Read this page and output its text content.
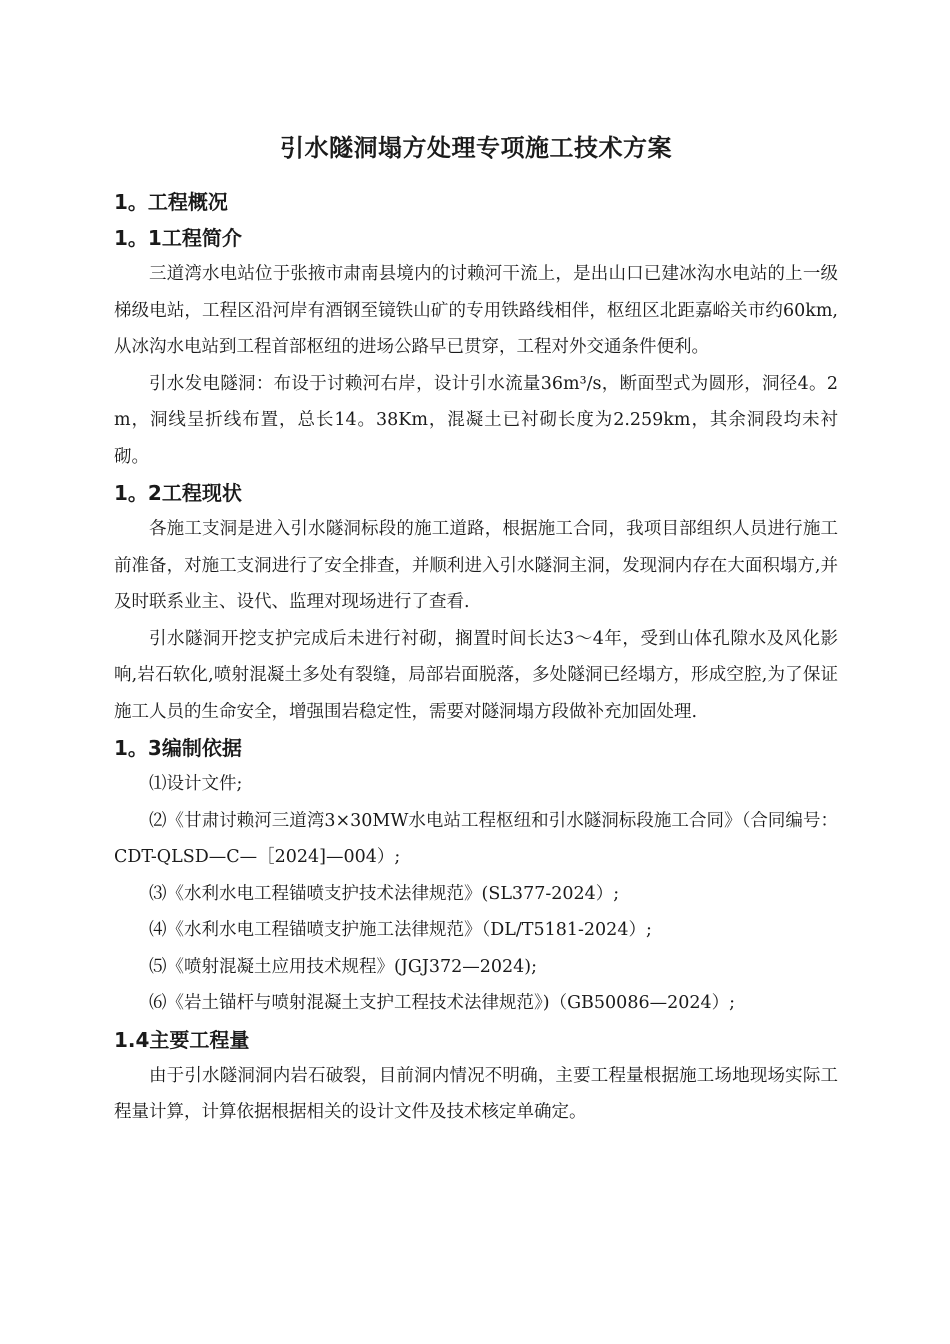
引水隧洞塌方处理专项施工技术方案
1。工程概况
1。1工程简介

三道湾水电站位于张掖市肃南县境内的讨赖河干流上，是出山口已建冰沟水电站的上一级梯级电站，工程区沿河岸有酒钢至镜铁山矿的专用铁路线相伴，枢纽区北距嘉峪关市约60km,从冰沟水电站到工程首部枢纽的进场公路早已贯穿，工程对外交通条件便利。

引水发电隧洞：布设于讨赖河右岸，设计引水流量36m³/s，断面型式为圆形，洞径4。2m，洞线呈折线布置，总长14。38Km，混凝土已衬砌长度为2.259km，其余洞段均未衬砌。

1。2工程现状

各施工支洞是进入引水隧洞标段的施工道路，根据施工合同，我项目部组织人员进行施工前准备，对施工支洞进行了安全排查，并顺利进入引水隧洞主洞，发现洞内存在大面积塌方,并及时联系业主、设代、监理对现场进行了查看.

引水隧洞开挖支护完成后未进行衬砌，搁置时间长达3～4年，受到山体孔隙水及风化影响,岩石软化,喷射混凝土多处有裂缝，局部岩面脱落，多处隧洞已经塌方，形成空腔,为了保证施工人员的生命安全，增强围岩稳定性，需要对隧洞塌方段做补充加固处理.

1。3编制依据

⑴设计文件;

⑵《甘肃讨赖河三道湾3×30MW水电站工程枢纽和引水隧洞标段施工合同》（合同编号：CDT-QLSD—C—［2024]—004）;

⑶《水利水电工程锚喷支护技术法律规范》(SL377-2024）;

⑷《水利水电工程锚喷支护施工法律规范》（DL/T5181-2024）;

⑸《喷射混凝土应用技术规程》(JGJ372—2024);

⑹《岩土锚杆与喷射混凝土支护工程技术法律规范》)（GB50086—2024）;

1.4主要工程量

由于引水隧洞洞内岩石破裂，目前洞内情况不明确，主要工程量根据施工场地现场实际工程量计算，计算依据根据相关的设计文件及技术核定单确定。
